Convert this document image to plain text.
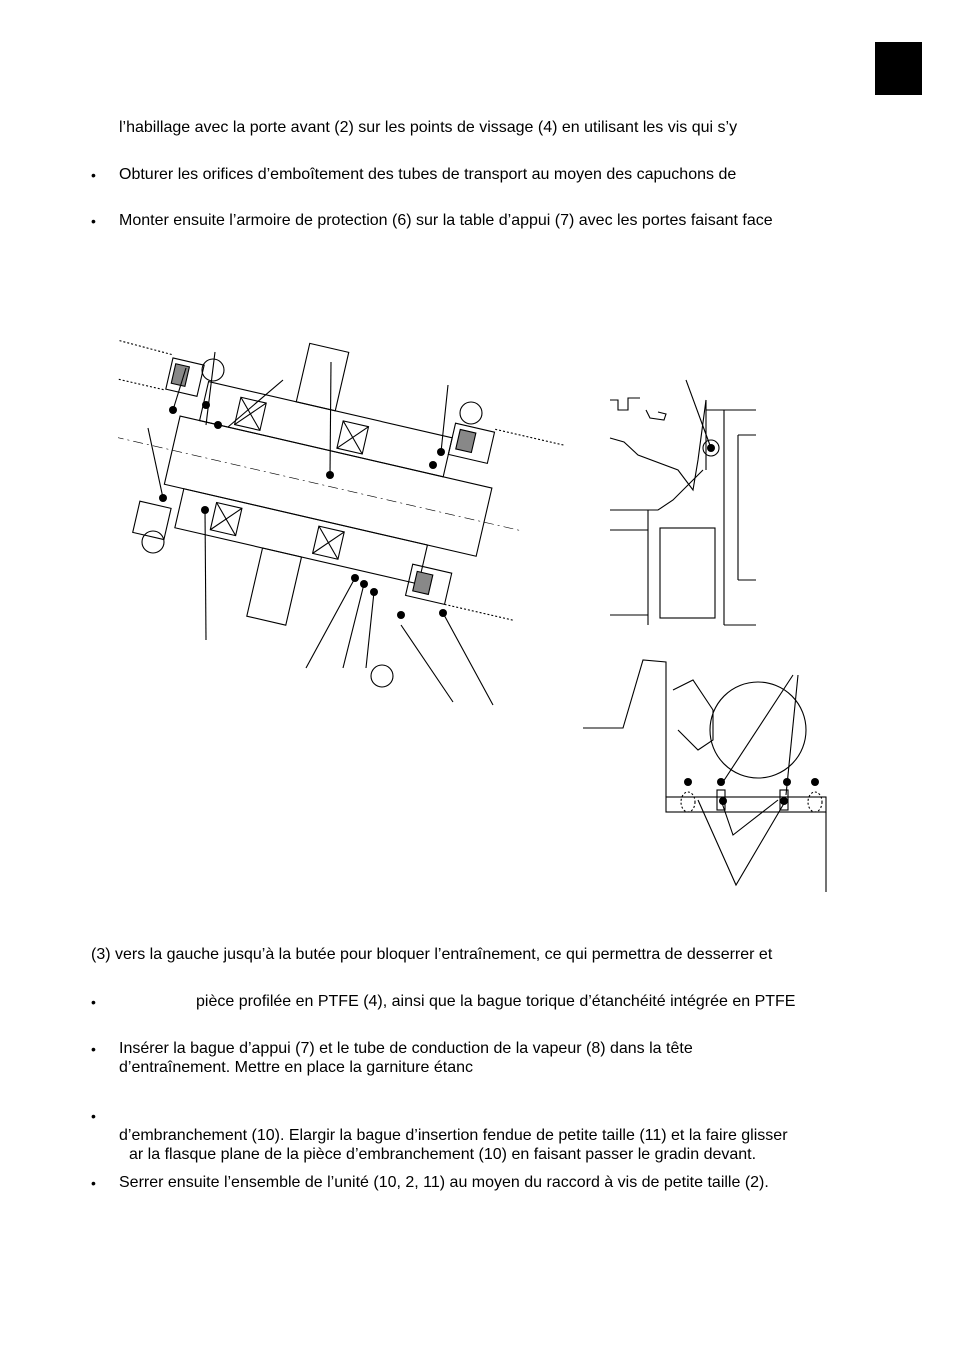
l’habillage avec la porte avant (2) sur les points de vissage (4) en utilisant les vis qui s’y
• Obturer les orifices d’emboîtement des tubes de transport au moyen des capuchons de
• Monter ensuite l’armoire de protection (6) sur la table d’appui (7) avec les portes faisant face
(3) vers la gauche jusqu’à la butée pour bloquer l’entraînement, ce qui permettra de desserrer et
•	pièce profilée en PTFE (4), ainsi que la bague torique d’étanchéité intégrée en PTFE
• Insérer la bague d’appui (7) et le tube de conduction de la vapeur (8) dans la tête
d’entraînement. Mettre en place la garniture étanc
•
d’embranchement (10). Elargir la bague d’insertion fendue de petite taille (11) et la faire glisser
ar la flasque plane de la pièce d’embranchement (10) en faisant passer le gradin devant.
• Serrer ensuite l’ensemble de l’unité (10, 2, 11) au moyen du raccord à vis de petite taille (2).
